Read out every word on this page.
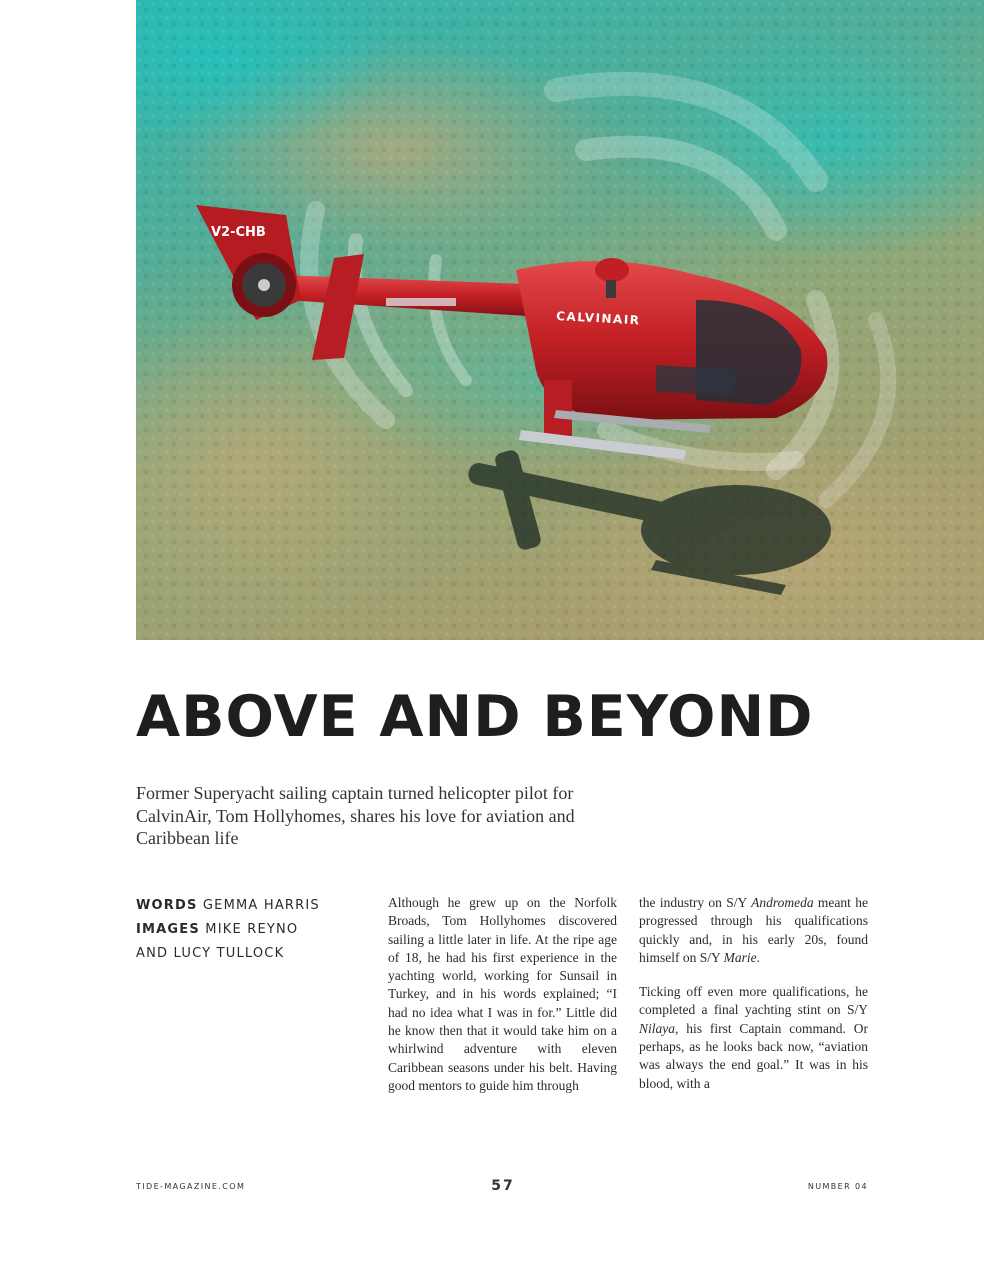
V2-CHB
CALVINAIR
ABOVE AND BEYOND

Former Superyacht sailing captain turned helicopter pilot for CalvinAir, Tom Hollyhomes, shares his love for aviation and Caribbean life

WORDS GEMMA HARRIS
IMAGES MIKE REYNO
AND LUCY TULLOCK

Although he grew up on the Norfolk Broads, Tom Hollyhomes discovered sailing a little later in life. At the ripe age of 18, he had his first experience in the yachting world, working for Sunsail in Turkey, and in his words explained; “I had no idea what I was in for.” Little did he know then that it would take him on a whirlwind adventure with eleven Caribbean seasons under his belt. Having good mentors to guide him through

the industry on S/Y Andromeda meant he progressed through his qualifications quickly and, in his early 20s, found himself on S/Y Marie.

Ticking off even more qualifications, he completed a final yachting stint on S/Y Nilaya, his first Captain command. Or perhaps, as he looks back now, “aviation was always the end goal.” It was in his blood, with a

TIDE-MAGAZINE.COM	57	NUMBER 04
